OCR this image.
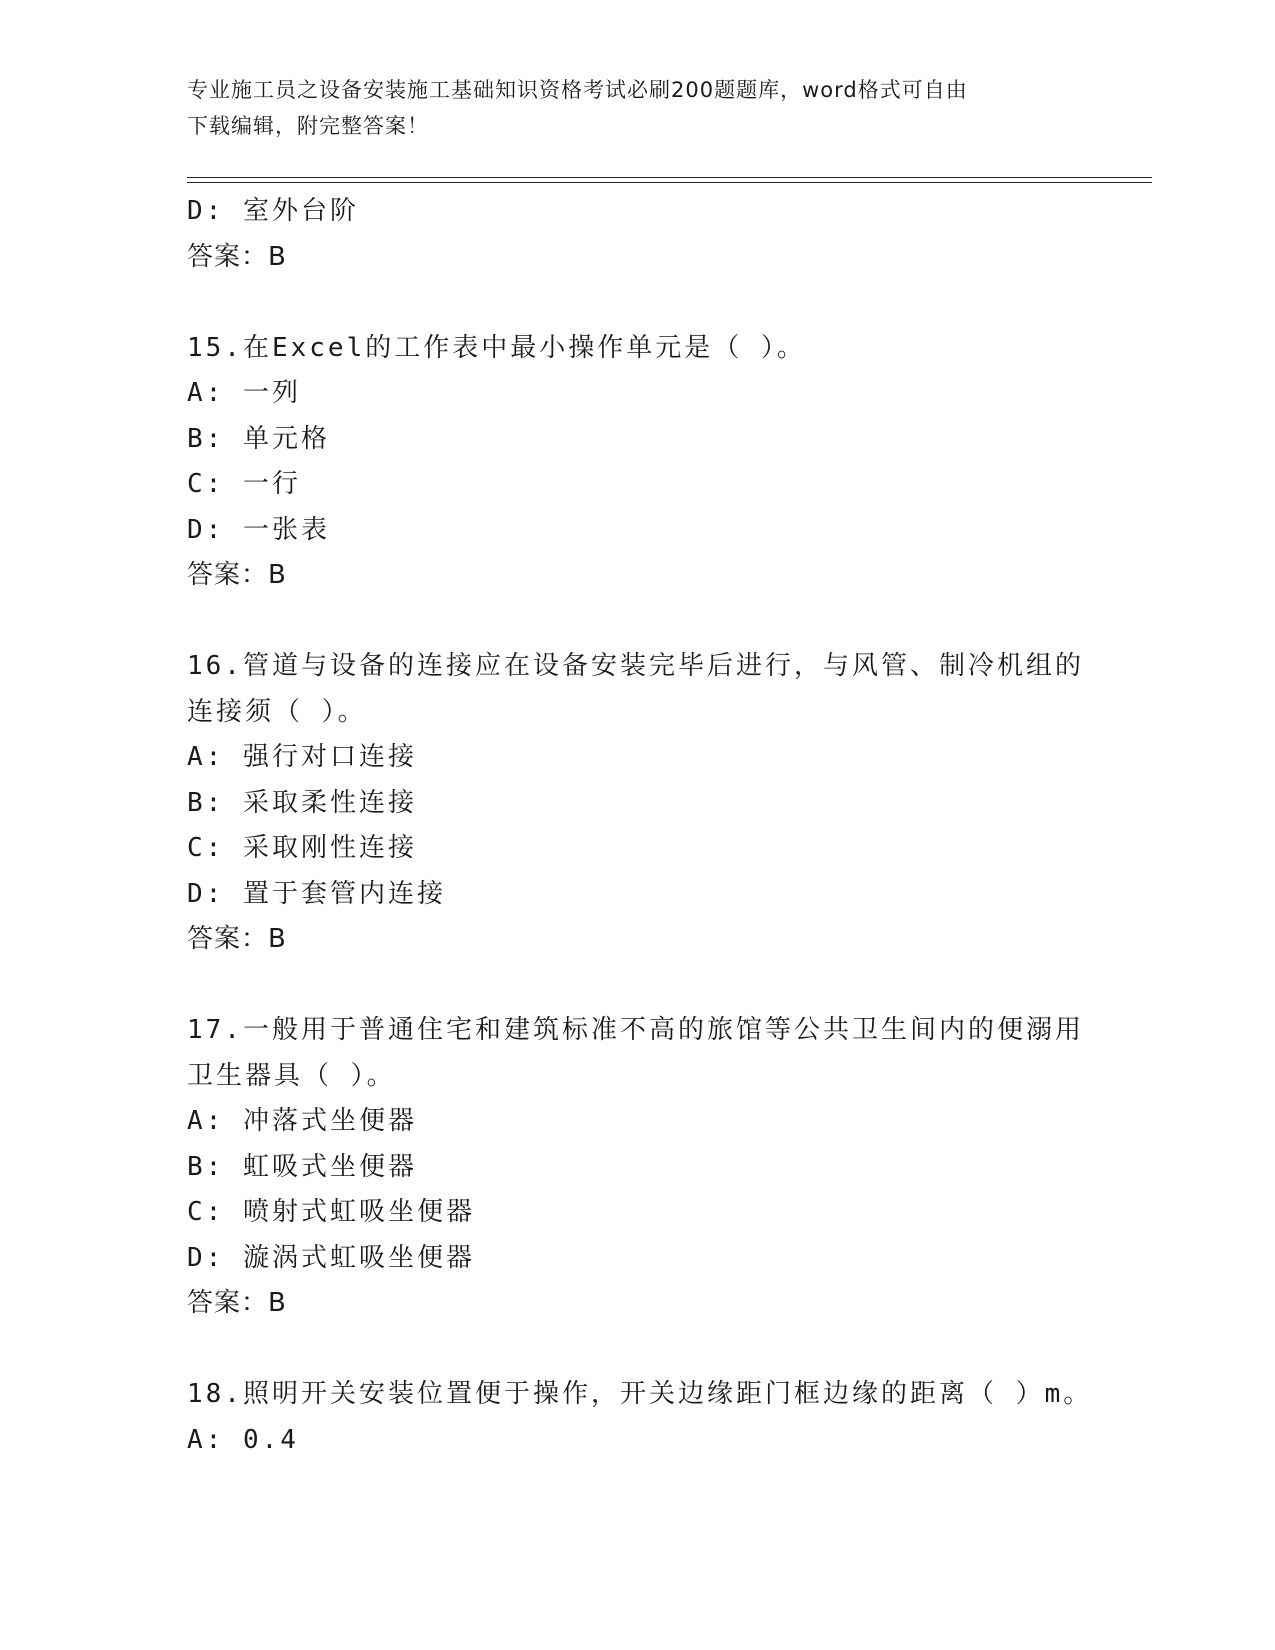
专业施工员之设备安装施工基础知识资格考试必刷200题题库，word格式可自由
下载编辑，附完整答案！
D: 室外台阶
答案：B
15.在Excel的工作表中最小操作单元是（ ）。
A: 一列
B: 单元格
C: 一行
D: 一张表
答案：B
16.管道与设备的连接应在设备安装完毕后进行，与风管、制冷机组的
连接须（ ）。
A: 强行对口连接
B: 采取柔性连接
C: 采取刚性连接
D: 置于套管内连接
答案：B
17.一般用于普通住宅和建筑标准不高的旅馆等公共卫生间内的便溺用
卫生器具（ ）。
A: 冲落式坐便器
B: 虹吸式坐便器
C: 喷射式虹吸坐便器
D: 漩涡式虹吸坐便器
答案：B
18.照明开关安装位置便于操作，开关边缘距门框边缘的距离（ ）m。
A: 0.4
